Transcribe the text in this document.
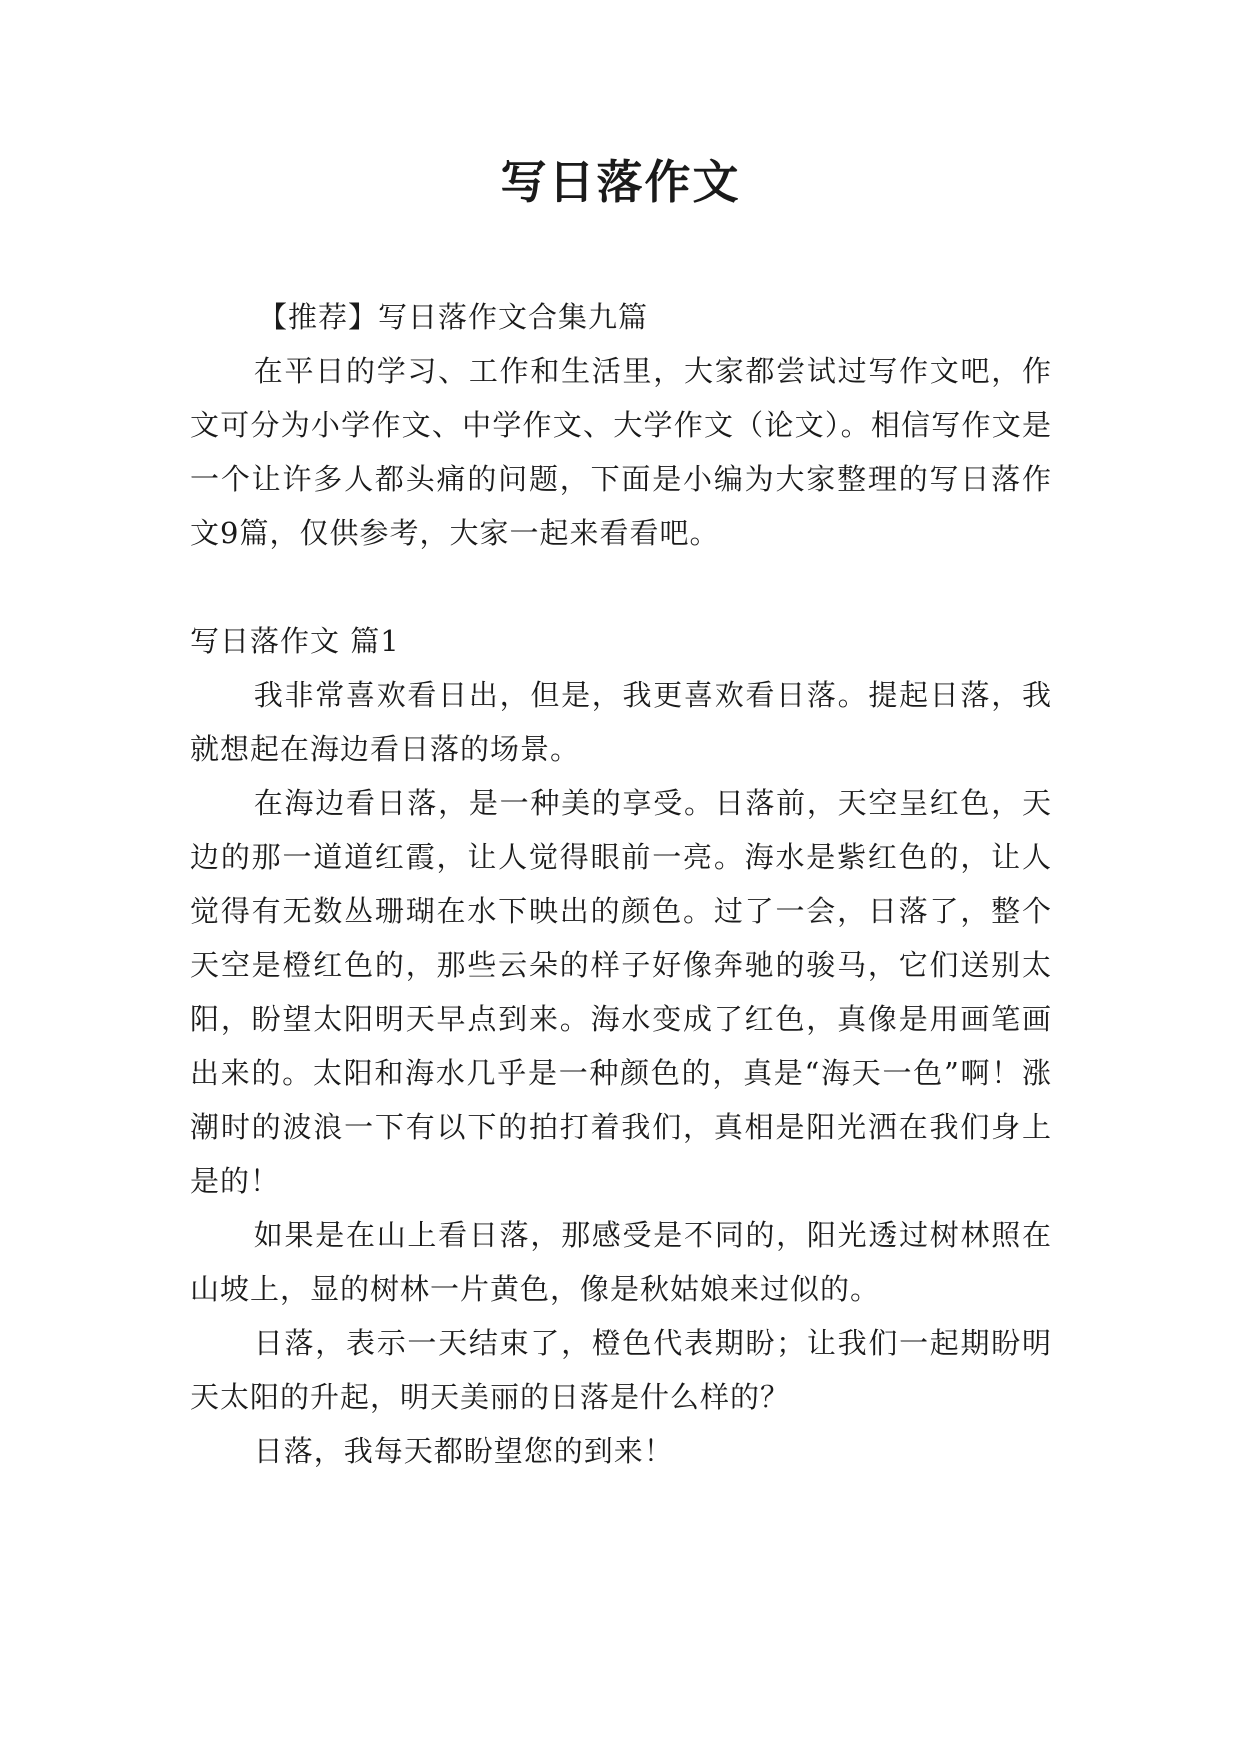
写日落作文

【推荐】写日落作文合集九篇

在平日的学习、工作和生活里，大家都尝试过写作文吧，作文可分为小学作文、中学作文、大学作文（论文）。相信写作文是一个让许多人都头痛的问题，下面是小编为大家整理的写日落作文9篇，仅供参考，大家一起来看看吧。

写日落作文 篇1

我非常喜欢看日出，但是，我更喜欢看日落。提起日落，我就想起在海边看日落的场景。

在海边看日落，是一种美的享受。日落前，天空呈红色，天边的那一道道红霞，让人觉得眼前一亮。海水是紫红色的，让人觉得有无数丛珊瑚在水下映出的颜色。过了一会，日落了，整个天空是橙红色的，那些云朵的样子好像奔驰的骏马，它们送别太阳，盼望太阳明天早点到来。海水变成了红色，真像是用画笔画出来的。太阳和海水几乎是一种颜色的，真是“海天一色”啊！涨潮时的波浪一下有以下的拍打着我们，真相是阳光洒在我们身上是的！

如果是在山上看日落，那感受是不同的，阳光透过树林照在山坡上，显的树林一片黄色，像是秋姑娘来过似的。

日落，表示一天结束了，橙色代表期盼；让我们一起期盼明天太阳的升起，明天美丽的日落是什么样的？

日落，我每天都盼望您的到来！
